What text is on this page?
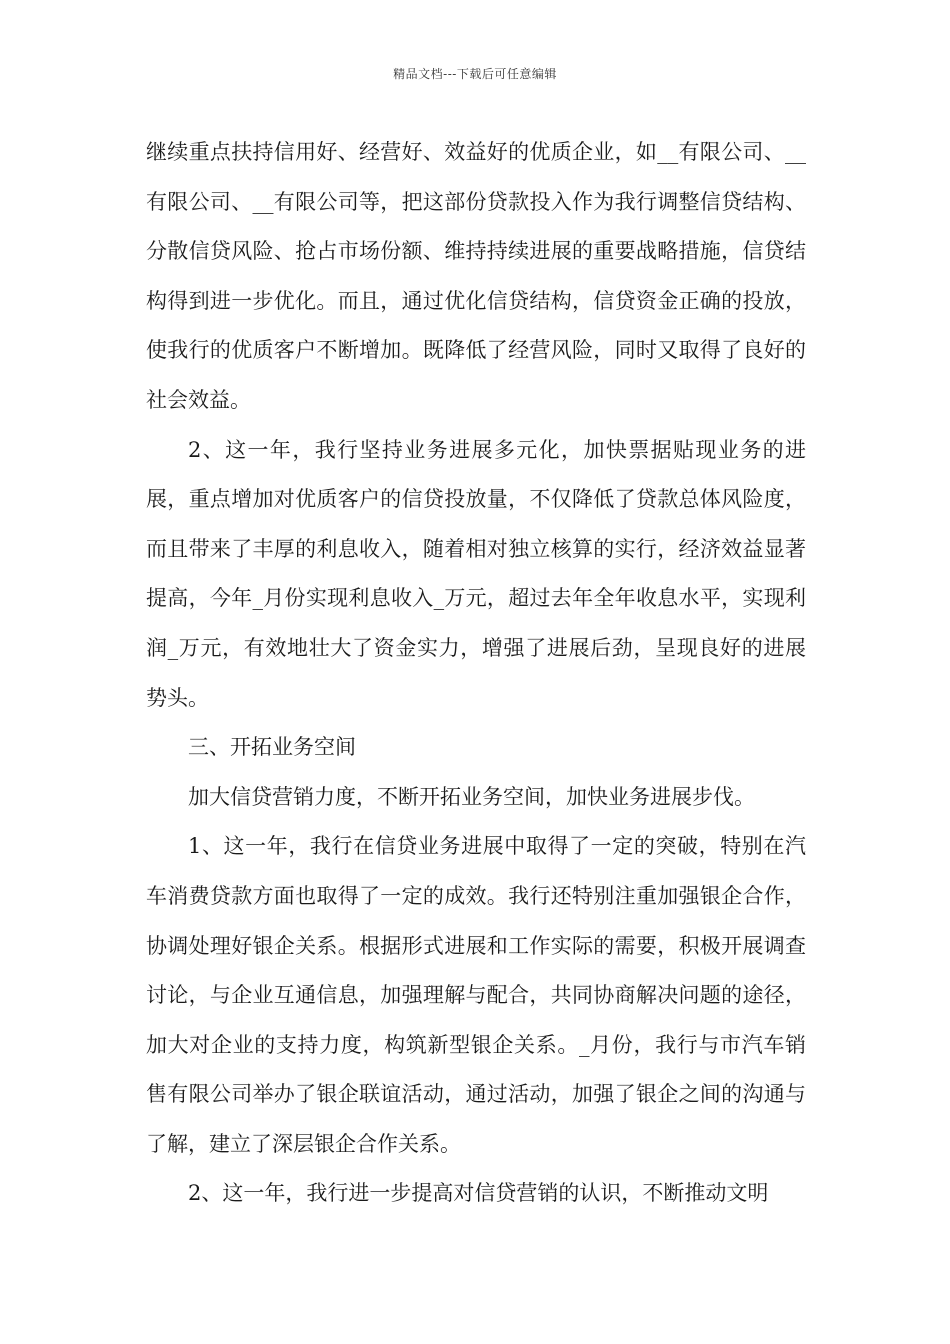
精品文档---下载后可任意编辑

继续重点扶持信用好、经营好、效益好的优质企业，如__有限公司、__有限公司、__有限公司等，把这部份贷款投入作为我行调整信贷结构、分散信贷风险、抢占市场份额、维持持续进展的重要战略措施，信贷结构得到进一步优化。而且，通过优化信贷结构，信贷资金正确的投放，使我行的优质客户不断增加。既降低了经营风险，同时又取得了良好的社会效益。

2、这一年，我行坚持业务进展多元化，加快票据贴现业务的进展，重点增加对优质客户的信贷投放量，不仅降低了贷款总体风险度，而且带来了丰厚的利息收入，随着相对独立核算的实行，经济效益显著提高，今年_月份实现利息收入_万元，超过去年全年收息水平，实现利润_万元，有效地壮大了资金实力，增强了进展后劲，呈现良好的进展势头。

三、开拓业务空间

加大信贷营销力度，不断开拓业务空间，加快业务进展步伐。

1、这一年，我行在信贷业务进展中取得了一定的突破，特别在汽车消费贷款方面也取得了一定的成效。我行还特别注重加强银企合作，协调处理好银企关系。根据形式进展和工作实际的需要，积极开展调查讨论，与企业互通信息，加强理解与配合，共同协商解决问题的途径，加大对企业的支持力度，构筑新型银企关系。_月份，我行与市汽车销售有限公司举办了银企联谊活动，通过活动，加强了银企之间的沟通与了解，建立了深层银企合作关系。

2、这一年，我行进一步提高对信贷营销的认识，不断推动文明
